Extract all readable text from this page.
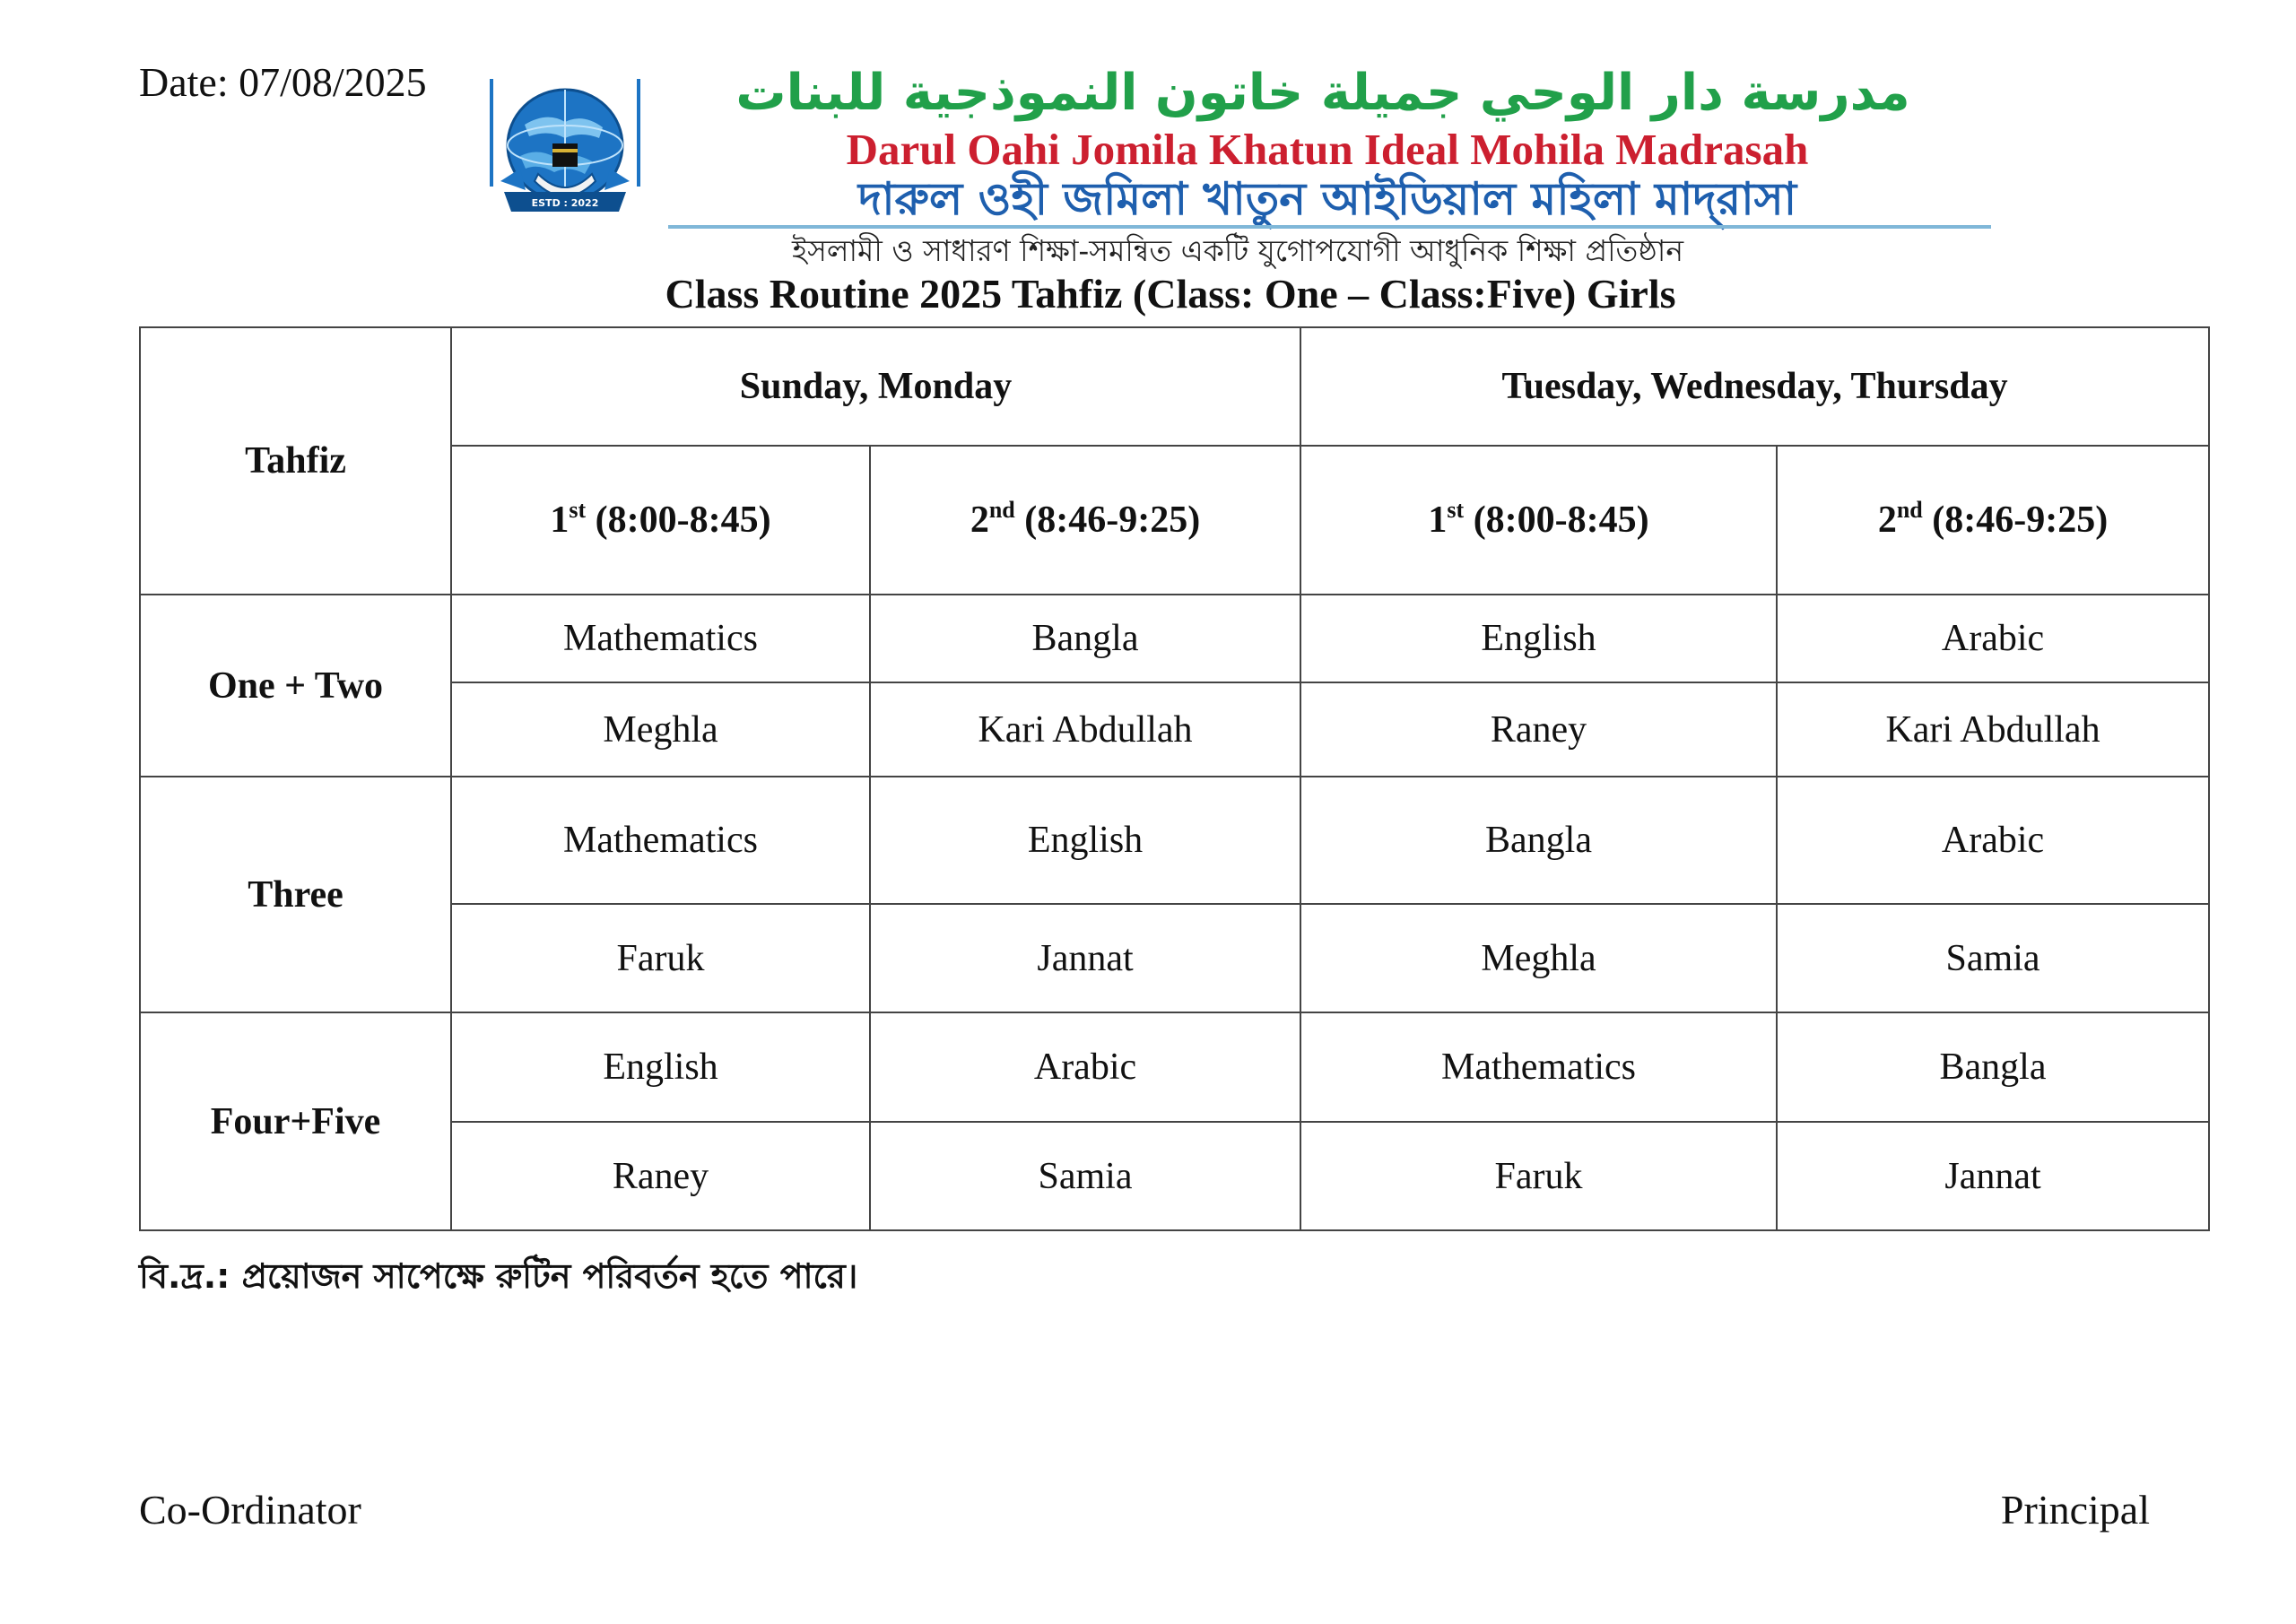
Date: 07/08/2025
ESTD : 2022
مدرسة دار الوحي جميلة خاتون النموذجية للبنات
Darul Oahi Jomila Khatun Ideal Mohila Madrasah
দারুল ওহী জমিলা খাতুন আইডিয়াল মহিলা মাদ্‌রাসা
ইসলামী ও সাধারণ শিক্ষা-সমন্বিত একটি যুগোপযোগী আধুনিক শিক্ষা প্রতিষ্ঠান
Class Routine 2025 Tahfiz (Class: One – Class:Five) Girls
Tahfiz	Sunday, Monday		Tuesday, Wednesday, Thursday	
	1st (8:00-8:45)	2nd (8:46-9:25)	1st (8:00-8:45)	2nd (8:46-9:25)
One + Two	Mathematics	Bangla	English	Arabic
	Meghla	Kari Abdullah	Raney	Kari Abdullah
Three	Mathematics	English	Bangla	Arabic
	Faruk	Jannat	Meghla	Samia
Four+Five	English	Arabic	Mathematics	Bangla
	Raney	Samia	Faruk	Jannat
বি.দ্র.: প্রয়োজন সাপেক্ষে রুটিন পরিবর্তন হতে পারে।
Co-Ordinator	Principal
